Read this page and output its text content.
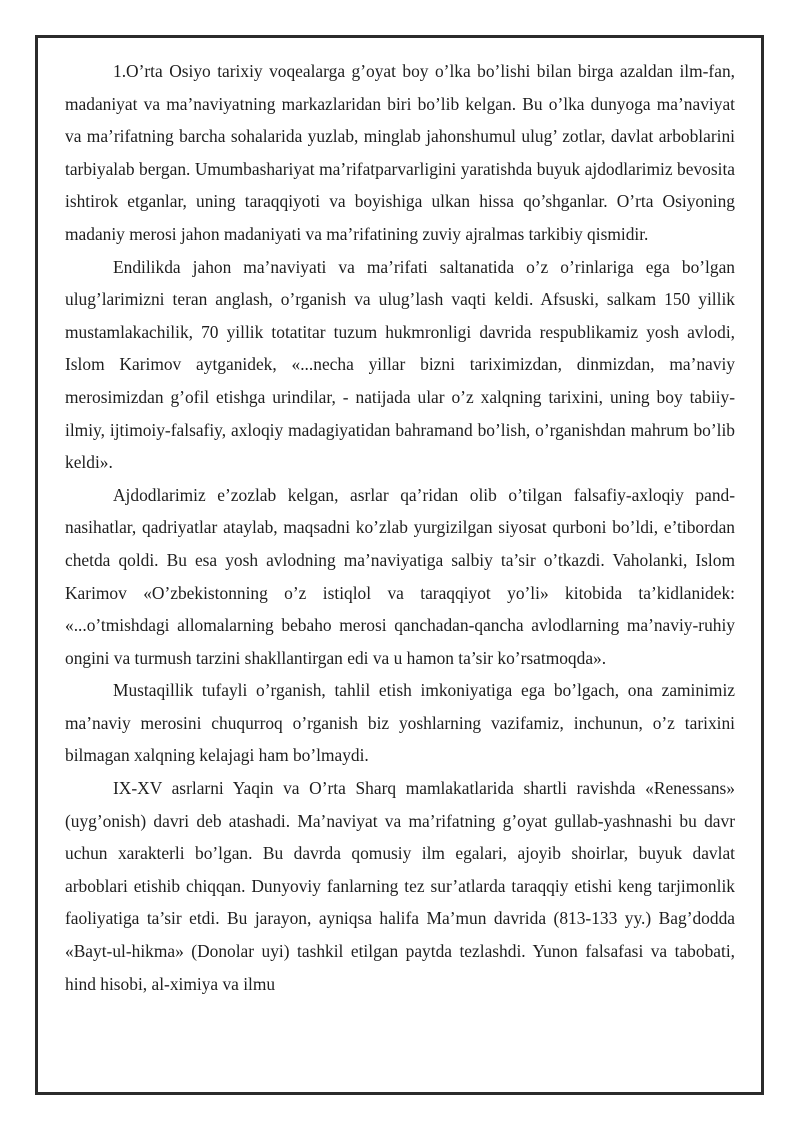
1.O’rta Osiyo tarixiy voqealarga g’oyat boy o’lka bo’lishi bilan birga azaldan ilm-fan, madaniyat va ma’naviyatning markazlaridan biri bo’lib kelgan. Bu o’lka dunyoga ma’naviyat va ma’rifatning barcha sohalarida yuzlab, minglab jahonshumul ulug’ zotlar, davlat arboblarini tarbiyalab bergan. Umumbashariyat ma’rifatparvarligini yaratishda buyuk ajdodlarimiz bevosita ishtirok etganlar, uning taraqqiyoti va boyishiga ulkan hissa qo’shganlar. O’rta Osiyoning madaniy merosi jahon madaniyati va ma’rifatining zuviy ajralmas tarkibiy qismidir.

Endilikda jahon ma’naviyati va ma’rifati saltanatida o’z o’rinlariga ega bo’lgan ulug’larimizni teran anglash, o’rganish va ulug’lash vaqti keldi. Afsuski, salkam 150 yillik mustamlakachilik, 70 yillik totatitar tuzum hukmronligi davrida respublikamiz yosh avlodi, Islom Karimov aytganidek, «...necha yillar bizni tariximizdan, dinmizdan, ma’naviy merosimizdan g’ofil etishga urindilar, - natijada ular o’z xalqning tarixini, uning boy tabiiy-ilmiy, ijtimoiy-falsafiy, axloqiy madagiyatidan bahramand bo’lish, o’rganishdan mahrum bo’lib keldi».

Ajdodlarimiz e’zozlab kelgan, asrlar qa’ridan olib o’tilgan falsafiy-axloqiy pand-nasihatlar, qadriyatlar ataylab, maqsadni ko’zlab yurgizilgan siyosat qurboni bo’ldi, e’tibordan chetda qoldi. Bu esa yosh avlodning ma’naviyatiga salbiy ta’sir o’tkazdi. Vaholanki, Islom Karimov «O’zbekistonning o’z istiqlol va taraqqiyot yo’li» kitobida ta’kidlanidek: «...o’tmishdagi allomalarning bebaho merosi qanchadan-qancha avlodlarning ma’naviy-ruhiy ongini va turmush tarzini shakllantirgan edi va u hamon ta’sir ko’rsatmoqda».

Mustaqillik tufayli o’rganish, tahlil etish imkoniyatiga ega bo’lgach, ona zaminimiz ma’naviy merosini chuqurroq o’rganish biz yoshlarning vazifamiz, inchunun, o’z tarixini bilmagan xalqning kelajagi ham bo’lmaydi.

IX-XV asrlarni Yaqin va O’rta Sharq mamlakatlarida shartli ravishda «Renessans» (uyg’onish) davri deb atashadi. Ma’naviyat va ma’rifatning g’oyat gullab-yashnashi bu davr uchun xarakterli bo’lgan. Bu davrda qomusiy ilm egalari, ajoyib shoirlar, buyuk davlat arboblari etishib chiqqan. Dunyoviy fanlarning tez sur’atlarda taraqqiy etishi keng tarjimonlik faoliyatiga ta’sir etdi. Bu jarayon, ayniqsa halifa Ma’mun davrida (813-133 yy.) Bag’dodda «Bayt-ul-hikma» (Donolar uyi) tashkil etilgan paytda tezlashdi. Yunon falsafasi va tabobati, hind hisobi, al-ximiya va ilmu
